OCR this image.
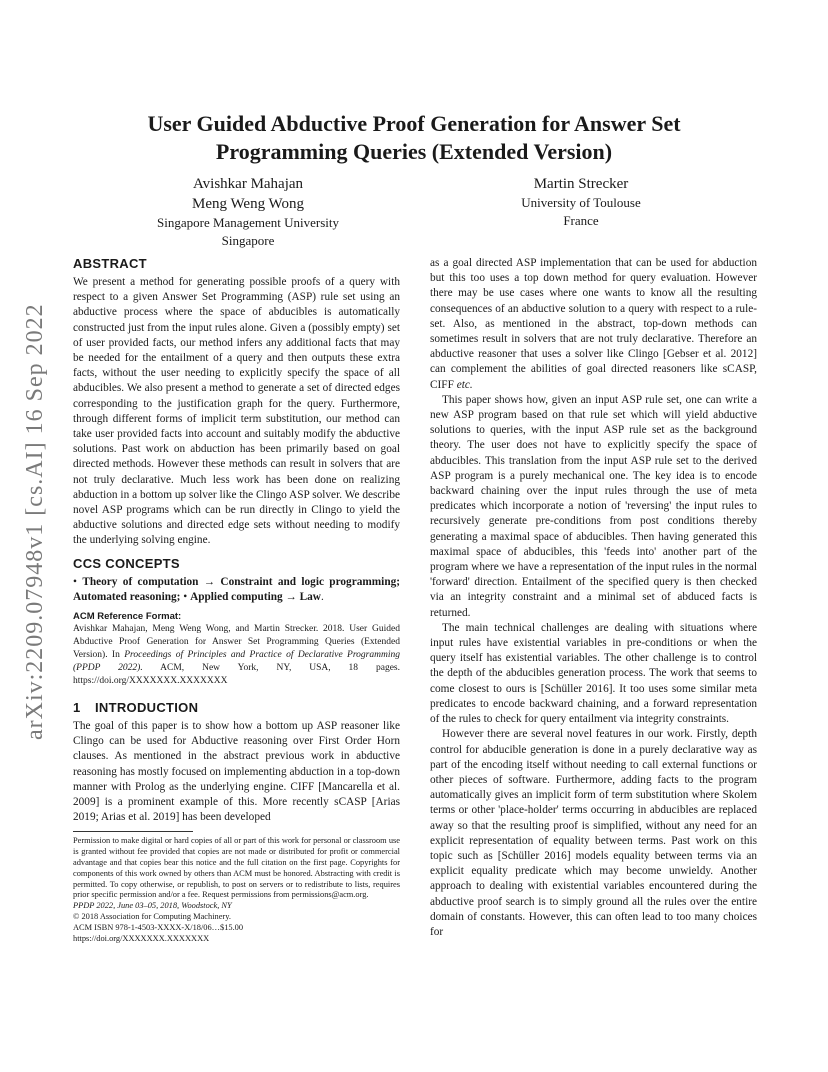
User Guided Abductive Proof Generation for Answer Set
Programming Queries (Extended Version)
Avishkar Mahajan
Meng Weng Wong
Singapore Management University
Singapore
Martin Strecker
University of Toulouse
France
arXiv:2209.07948v1 [cs.AI] 16 Sep 2022
ABSTRACT

We present a method for generating possible proofs of a query with respect to a given Answer Set Programming (ASP) rule set using an abductive process where the space of abducibles is automatically constructed just from the input rules alone. Given a (possibly empty) set of user provided facts, our method infers any additional facts that may be needed for the entailment of a query and then outputs these extra facts, without the user needing to explicitly specify the space of all abducibles. We also present a method to generate a set of directed edges corresponding to the justification graph for the query. Furthermore, through different forms of implicit term substitution, our method can take user provided facts into account and suitably modify the abductive solutions. Past work on abduction has been primarily based on goal directed methods. However these methods can result in solvers that are not truly declarative. Much less work has been done on realizing abduction in a bottom up solver like the Clingo ASP solver. We describe novel ASP programs which can be run directly in Clingo to yield the abductive solutions and directed edge sets without needing to modify the underlying solving engine.

CCS CONCEPTS

• Theory of computation → Constraint and logic programming; Automated reasoning; • Applied computing → Law.

ACM Reference Format:

Avishkar Mahajan, Meng Weng Wong, and Martin Strecker. 2018. User Guided Abductive Proof Generation for Answer Set Programming Queries (Extended Version). In Proceedings of Principles and Practice of Declarative Programming (PPDP 2022). ACM, New York, NY, USA, 18 pages. https://doi.org/XXXXXXX.XXXXXXX

1 INTRODUCTION

The goal of this paper is to show how a bottom up ASP reasoner like Clingo can be used for Abductive reasoning over First Order Horn clauses. As mentioned in the abstract previous work in abductive reasoning has mostly focused on implementing abduction in a top-down manner with Prolog as the underlying engine. CIFF [Mancarella et al. 2009] is a prominent example of this. More recently sCASP [Arias 2019; Arias et al. 2019] has been developed

Permission to make digital or hard copies of all or part of this work for personal or classroom use is granted without fee provided that copies are not made or distributed for profit or commercial advantage and that copies bear this notice and the full citation on the first page. Copyrights for components of this work owned by others than ACM must be honored. Abstracting with credit is permitted. To copy otherwise, or republish, to post on servers or to redistribute to lists, requires prior specific permission and/or a fee. Request permissions from permissions@acm.org.

PPDP 2022, June 03–05, 2018, Woodstock, NY

© 2018 Association for Computing Machinery.

ACM ISBN 978-1-4503-XXXX-X/18/06…$15.00

https://doi.org/XXXXXXX.XXXXXXX

as a goal directed ASP implementation that can be used for abduction but this too uses a top down method for query evaluation. However there may be use cases where one wants to know all the resulting consequences of an abductive solution to a query with respect to a rule-set. Also, as mentioned in the abstract, top-down methods can sometimes result in solvers that are not truly declarative. Therefore an abductive reasoner that uses a solver like Clingo [Gebser et al. 2012] can complement the abilities of goal directed reasoners like sCASP, CIFF etc.

This paper shows how, given an input ASP rule set, one can write a new ASP program based on that rule set which will yield abductive solutions to queries, with the input ASP rule set as the background theory. The user does not have to explicitly specify the space of abducibles. This translation from the input ASP rule set to the derived ASP program is a purely mechanical one. The key idea is to encode backward chaining over the input rules through the use of meta predicates which incorporate a notion of 'reversing' the input rules to recursively generate pre-conditions from post conditions thereby generating a maximal space of abducibles. Then having generated this maximal space of abducibles, this 'feeds into' another part of the program where we have a representation of the input rules in the normal 'forward' direction. Entailment of the specified query is then checked via an integrity constraint and a minimal set of abduced facts is returned.

The main technical challenges are dealing with situations where input rules have existential variables in pre-conditions or when the query itself has existential variables. The other challenge is to control the depth of the abducibles generation process. The work that seems to come closest to ours is [Schüller 2016]. It too uses some similar meta predicates to encode backward chaining, and a forward representation of the rules to check for query entailment via integrity constraints.

However there are several novel features in our work. Firstly, depth control for abducible generation is done in a purely declarative way as part of the encoding itself without needing to call external functions or other pieces of software. Furthermore, adding facts to the program automatically gives an implicit form of term substitution where Skolem terms or other 'place-holder' terms occurring in abducibles are replaced away so that the resulting proof is simplified, without any need for an explicit representation of equality between terms. Past work on this topic such as [Schüller 2016] models equality between terms via an explicit equality predicate which may become unwieldy. Another approach to dealing with existential variables encountered during the abductive proof search is to simply ground all the rules over the entire domain of constants. However, this can often lead to too many choices for
